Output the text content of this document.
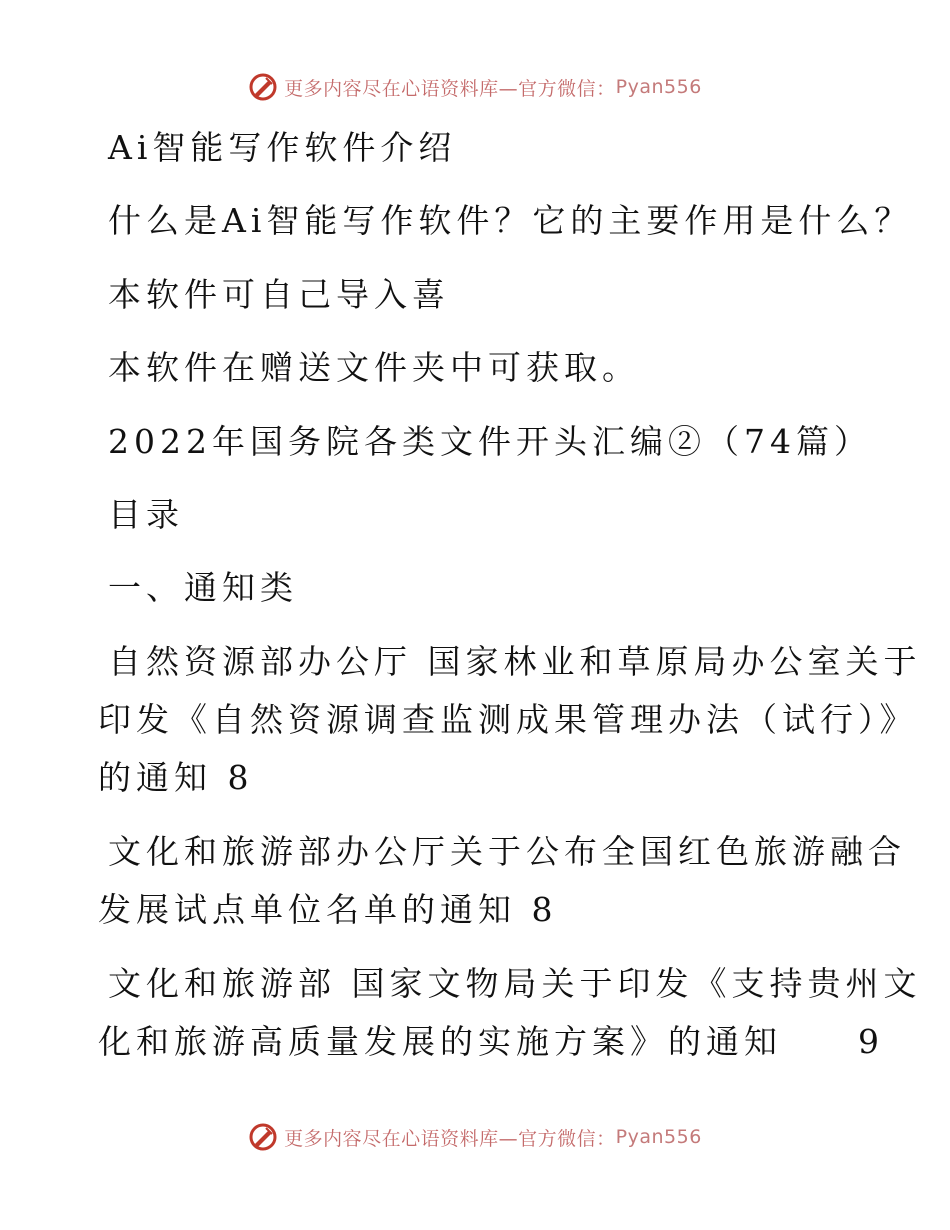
更多内容尽在心语资料库—官方微信： Pyan556
Ai智能写作软件介绍
什么是Ai智能写作软件？它的主要作用是什么？
本软件可自己导入喜
本软件在赠送文件夹中可获取。
2022年国务院各类文件开头汇编②（74篇）
目录
一、通知类
自然资源部办公厅 国家林业和草原局办公室关于
印发《自然资源调查监测成果管理办法（试行）》
的通知 8
文化和旅游部办公厅关于公布全国红色旅游融合
发展试点单位名单的通知 8
文化和旅游部 国家文物局关于印发《支持贵州文
化和旅游高质量发展的实施方案》的通知　　9
更多内容尽在心语资料库—官方微信： Pyan556
